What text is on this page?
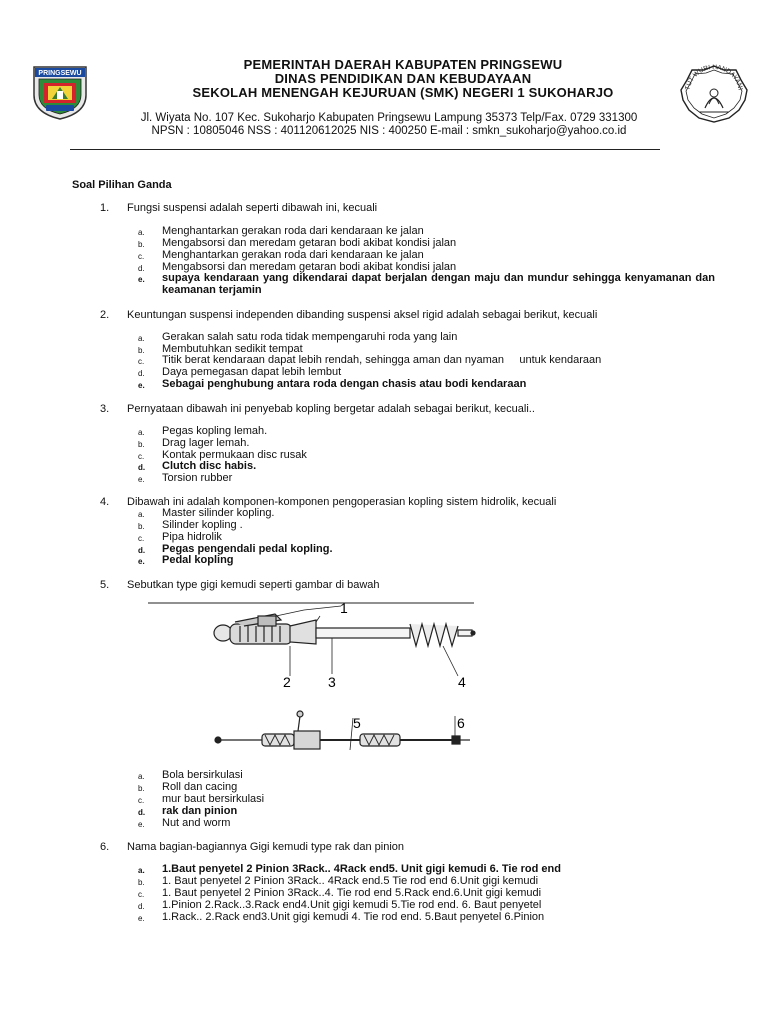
PRINGSEWU
TUT WURI HANDAYANI
PEMERINTAH DAERAH KABUPATEN PRINGSEWU
DINAS PENDIDIKAN DAN KEBUDAYAAN
SEKOLAH MENENGAH KEJURUAN (SMK) NEGERI 1 SUKOHARJO
Jl. Wiyata No. 107 Kec. Sukoharjo Kabupaten Pringsewu Lampung 35373 Telp/Fax. 0729 331300
NPSN : 10805046 NSS : 401120612025 NIS : 400250 E-mail : smkn_sukoharjo@yahoo.co.id
Soal Pilihan Ganda
1. Fungsi suspensi adalah seperti dibawah ini, kecuali
a. Menghantarkan gerakan roda dari kendaraan ke jalan
b. Mengabsorsi dan meredam getaran bodi akibat kondisi jalan
c. Menghantarkan gerakan roda dari kendaraan ke jalan
d. Mengabsorsi dan meredam getaran bodi akibat kondisi jalan
e. supaya kendaraan yang dikendarai dapat berjalan dengan maju dan mundur sehingga kenyamanan dan keamanan terjamin
2. Keuntungan suspensi independen dibanding suspensi aksel rigid adalah sebagai berikut, kecuali
a. Gerakan salah satu roda tidak mempengaruhi roda yang lain
b. Membutuhkan sedikit tempat
c. Titik berat kendaraan dapat lebih rendah, sehingga aman dan nyaman     untuk kendaraan
d. Daya pemegasan dapat lebih lembut
e. Sebagai penghubung antara roda dengan chasis atau bodi kendaraan
3. Pernyataan dibawah ini penyebab kopling bergetar adalah sebagai berikut, kecuali..
a. Pegas kopling lemah.
b. Drag lager lemah.
c. Kontak permukaan disc rusak
d. Clutch disc habis.
e. Torsion rubber
4. Dibawah ini adalah komponen-komponen pengoperasian kopling sistem hidrolik, kecuali
a. Master silinder kopling.
b. Silinder kopling .
c. Pipa hidrolik
d. Pegas pengendali pedal kopling.
e. Pedal kopling
5. Sebutkan type gigi kemudi seperti gambar di bawah
1
2	3	4
5	6
a. Bola bersirkulasi
b. Roll dan cacing
c. mur baut bersirkulasi
d. rak dan pinion
e. Nut and worm
6. Nama bagian-bagiannya Gigi kemudi type rak dan pinion
a. 1.Baut penyetel 2 Pinion 3Rack.. 4Rack end5. Unit gigi kemudi 6. Tie rod end
b. 1. Baut penyetel 2 Pinion 3Rack.. 4Rack end.5 Tie rod end 6.Unit gigi kemudi
c. 1. Baut penyetel 2 Pinion 3Rack..4. Tie rod end 5.Rack end.6.Unit gigi kemudi
d. 1.Pinion 2.Rack..3.Rack end4.Unit gigi kemudi 5.Tie rod end. 6. Baut penyetel
e. 1.Rack.. 2.Rack end3.Unit gigi kemudi 4. Tie rod end. 5.Baut penyetel 6.Pinion
